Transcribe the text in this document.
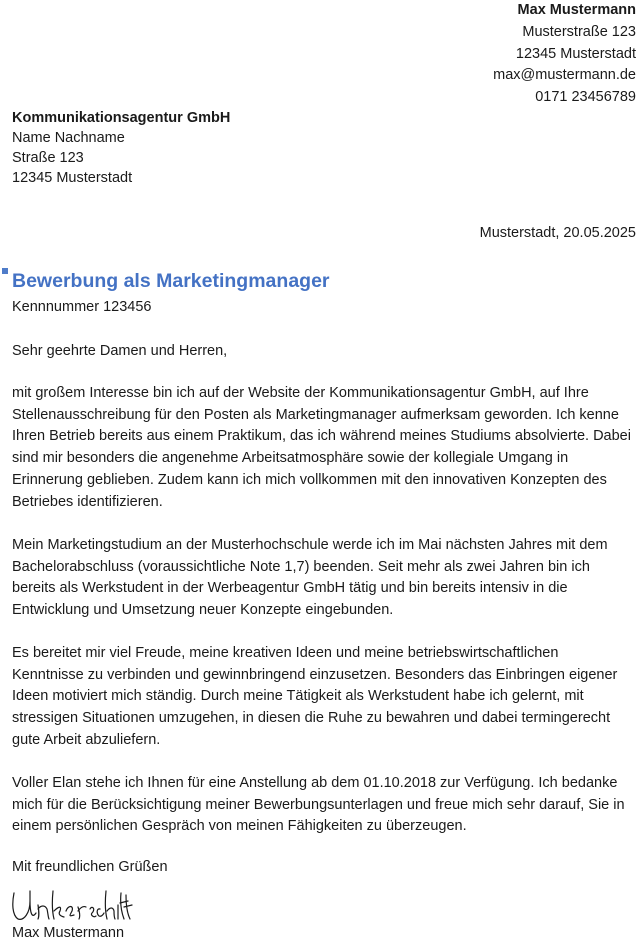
Max Mustermann
Musterstraße 123
12345 Musterstadt
max@mustermann.de
0171 23456789
Kommunikationsagentur GmbH
Name Nachname
Straße 123
12345 Musterstadt
Musterstadt, 20.05.2025
Bewerbung als Marketingmanager
Kennnummer 123456
Sehr geehrte Damen und Herren,

mit großem Interesse bin ich auf der Website der Kommunikationsagentur GmbH, auf Ihre Stellenausschreibung für den Posten als Marketingmanager aufmerksam geworden. Ich kenne Ihren Betrieb bereits aus einem Praktikum, das ich während meines Studiums absolvierte. Dabei sind mir besonders die angenehme Arbeitsatmosphäre sowie der kollegiale Umgang in Erinnerung geblieben. Zudem kann ich mich vollkommen mit den innovativen Konzepten des Betriebes identifizieren.

Mein Marketingstudium an der Musterhochschule werde ich im Mai nächsten Jahres mit dem Bachelorabschluss (voraussichtliche Note 1,7) beenden. Seit mehr als zwei Jahren bin ich bereits als Werkstudent in der Werbeagentur GmbH tätig und bin bereits intensiv in die Entwicklung und Umsetzung neuer Konzepte eingebunden.

Es bereitet mir viel Freude, meine kreativen Ideen und meine betriebswirtschaftlichen Kenntnisse zu verbinden und gewinnbringend einzusetzen. Besonders das Einbringen eigener Ideen motiviert mich ständig. Durch meine Tätigkeit als Werkstudent habe ich gelernt, mit stressigen Situationen umzugehen, in diesen die Ruhe zu bewahren und dabei termingerecht gute Arbeit abzuliefern.

Voller Elan stehe ich Ihnen für eine Anstellung ab dem 01.10.2018 zur Verfügung. Ich bedanke mich für die Berücksichtigung meiner Bewerbungsunterlagen und freue mich sehr darauf, Sie in einem persönlichen Gespräch von meinen Fähigkeiten zu überzeugen.

Mit freundlichen Grüßen
Max Mustermann
